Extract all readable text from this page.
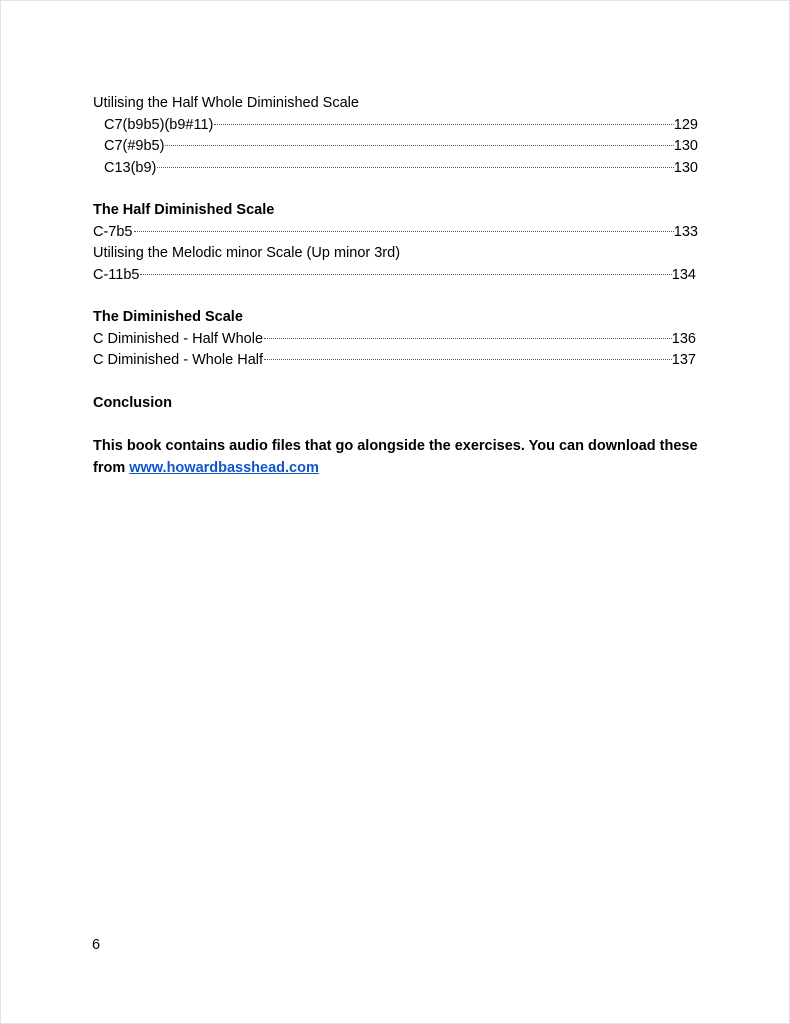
Utilising the Half Whole Diminished Scale
C7(b9b5)(b9#11)	129
C7(#9b5)	130
C13(b9)	130
The Half Diminished Scale
C-7b5	133
Utilising the Melodic minor Scale (Up minor 3rd)
C-11b5	134
The Diminished Scale
C Diminished - Half Whole	136
C Diminished - Whole Half	137
Conclusion
This book contains audio files that go alongside the exercises. You can download these from www.howardbasshead.com
6
